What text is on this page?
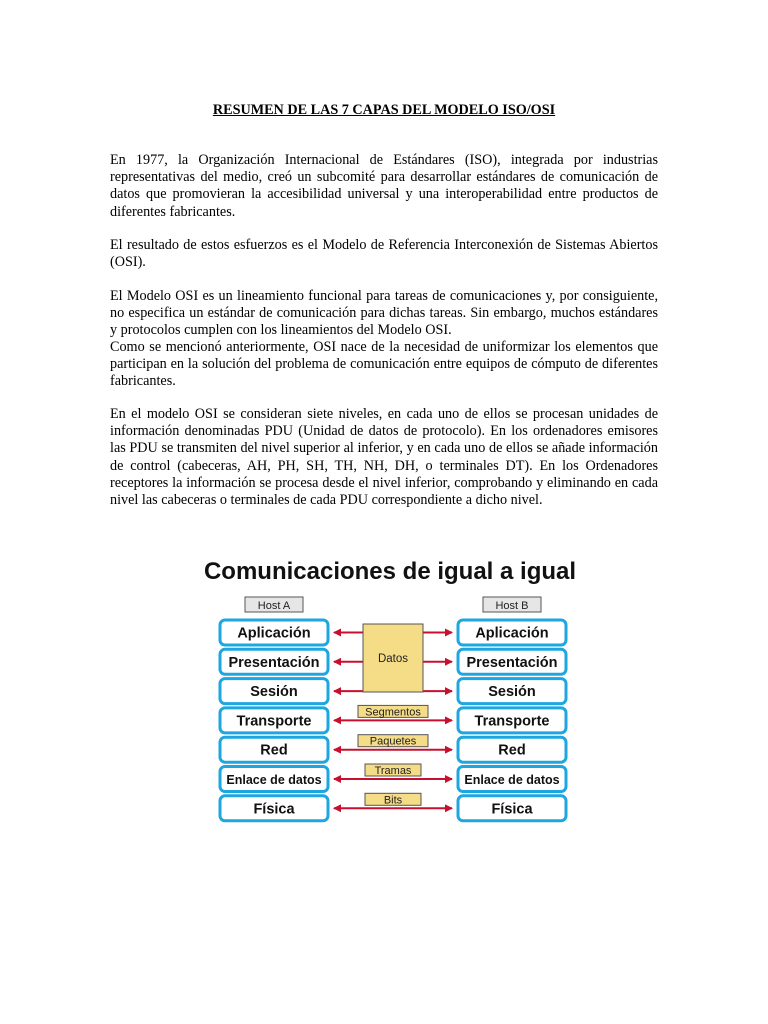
RESUMEN DE LAS 7 CAPAS DEL MODELO ISO/OSI

En 1977, la Organización Internacional de Estándares (ISO), integrada por industrias representativas del medio, creó un subcomité para desarrollar estándares de comunicación de datos que promovieran la accesibilidad universal y una interoperabilidad entre productos de diferentes fabricantes.

El resultado de estos esfuerzos es el Modelo de Referencia Interconexión de Sistemas Abiertos (OSI).

El Modelo OSI es un lineamiento funcional para tareas de comunicaciones y, por consiguiente, no especifica un estándar de comunicación para dichas tareas. Sin embargo, muchos estándares y protocolos cumplen con los lineamientos del Modelo OSI.

Como se mencionó anteriormente, OSI nace de la necesidad de uniformizar los elementos que participan en la solución del problema de comunicación entre equipos de cómputo de diferentes fabricantes.

En el modelo OSI se consideran siete niveles, en cada uno de ellos se procesan unidades de información denominadas PDU (Unidad de datos de protocolo). En los ordenadores emisores las PDU se transmiten del nivel superior al inferior, y en cada uno de ellos se añade información de control (cabeceras, AH, PH, SH, TH, NH, DH, o terminales DT). En los Ordenadores receptores la información se procesa desde el nivel inferior, comprobando y eliminando en cada nivel las cabeceras o terminales de cada PDU correspondiente a dicho nivel.

Comunicaciones de igual a igual
Host A	Host B
Aplicación
Presentación
Sesión
Transporte
Red
Enlace de datos
Física
Aplicación
Presentación
Sesión
Transporte
Red
Enlace de datos
Física
Datos
Segmentos
Paquetes
Tramas
Bits
